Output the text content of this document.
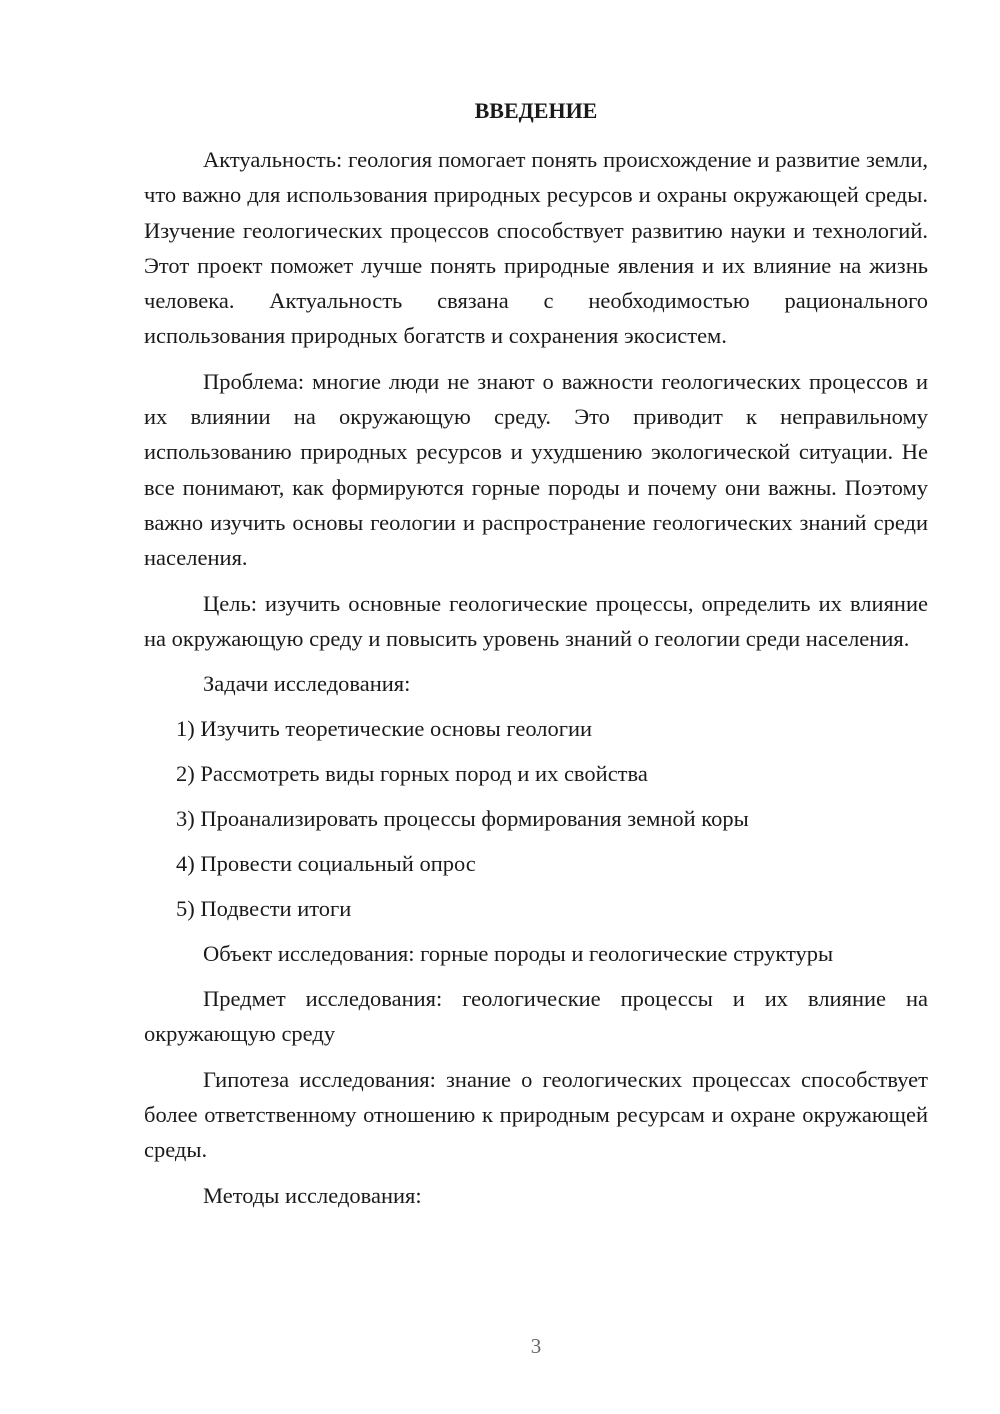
ВВЕДЕНИЕ

Актуальность: геология помогает понять происхождение и развитие земли, что важно для использования природных ресурсов и охраны окружающей среды. Изучение геологических процессов способствует развитию науки и технологий. Этот проект поможет лучше понять природные явления и их влияние на жизнь человека. Актуальность связана с необходимостью рационального использования природных богатств и сохранения экосистем.

Проблема: многие люди не знают о важности геологических процессов и их влиянии на окружающую среду. Это приводит к неправильному использованию природных ресурсов и ухудшению экологической ситуации. Не все понимают, как формируются горные породы и почему они важны. Поэтому важно изучить основы геологии и распространение геологических знаний среди населения.

Цель: изучить основные геологические процессы, определить их влияние на окружающую среду и повысить уровень знаний о геологии среди населения.

Задачи исследования:

1) Изучить теоретические основы геологии
2) Рассмотреть виды горных пород и их свойства
3) Проанализировать процессы формирования земной коры
4) Провести социальный опрос
5) Подвести итоги

Объект исследования: горные породы и геологические структуры

Предмет исследования: геологические процессы и их влияние на окружающую среду

Гипотеза исследования: знание о геологических процессах способствует более ответственному отношению к природным ресурсам и охране окружающей среды.

Методы исследования:

3
